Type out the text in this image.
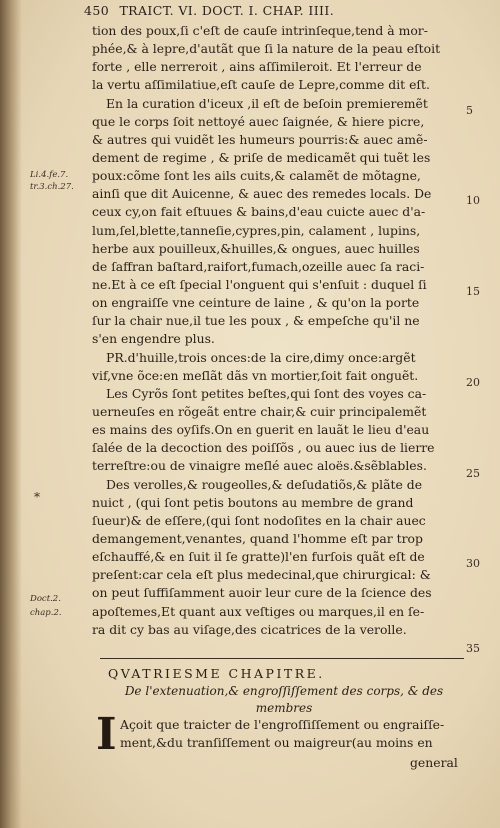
450 TRAICT. VI. DOCT. I. CHAP. IIII.
tion des poux,ſi c'eſt de cauſe intrinſeque,tend à mor-
phée,& à lepre,d'autãt que ſi la nature de la peau eſtoit
forte , elle nerreroit , ains aſſimileroit. Et l'erreur de
la vertu aſſimilatiue,eſt cauſe de Lepre,comme dit eſt.
En la curation d'iceux ,il eſt de beſoin premieremẽt
que le corps ſoit nettoyé auec ſaignée, & hiere picre,
& autres qui vuidẽt les humeurs pourris:& auec amẽ-
dement de regime , & priſe de medicamẽt qui tuẽt les
poux:cõme ſont les ails cuits,& calamẽt de mõtagne,
ainſi que dit Auicenne, & auec des remedes locals. De
ceux cy,on fait eſtuues & bains,d'eau cuicte auec d'a-
lum,ſel,blette,tanneſie,cypres,pin, calament , lupins,
herbe aux pouilleux,&huilles,& ongues, auec huilles
de ſaffran baſtard,raifort,fumach,ozeille auec ſa raci-
ne.Et à ce eſt ſpecial l'onguent qui s'enſuit : duquel ſi
on engraiſſe vne ceinture de laine , & qu'on la porte
ſur la chair nue,il tue les poux , & empeſche qu'il ne
s'en engendre plus.
PR.d'huille,trois onces:de la cire,dimy once:argẽt
vif,vne õce:en meſlãt dãs vn mortier,ſoit fait onguẽt.
Les Cyrõs ſont petites beſtes,qui ſont des voyes ca-
uerneuſes en rõgeãt entre chair,& cuir principalemẽt
es mains des oyſifs.On en guerit en lauãt le lieu d'eau
ſalée de la decoction des poiſſõs , ou auec ius de lierre
terreſtre:ou de vinaigre meſlé auec aloës.&sẽblables.
Des verolles,& rougeolles,& deſudatiõs,& plãte de
nuict , (qui ſont petis boutons au membre de grand
ſueur)& de eſſere,(qui ſont nodoſites en la chair auec
demangement,venantes, quand l'homme eſt par trop
eſchauffé,& en ſuit il ſe gratte)l'en furſois quãt eſt de
preſent:car cela eſt plus medecinal,que chirurgical: &
on peut ſuffiſamment auoir leur cure de la ſcience des
apoſtemes,Et quant aux veſtiges ou marques,il en ſe-
ra dit cy bas au viſage,des cicatrices de la verolle.
Li.4.fe.7.
tr.3.ch.27.
*
Doct.2.
chap.2.
5
10
15
20
25
30
35
QVATRIESME CHAPITRE.
De l'extenuation,& engroſſiſſement des corps, & des
membres
I Açoit que traicter de l'engroſſiſſement ou engraiſſe-
ment,&du tranſiſſement ou maigreur(au moins en
general
